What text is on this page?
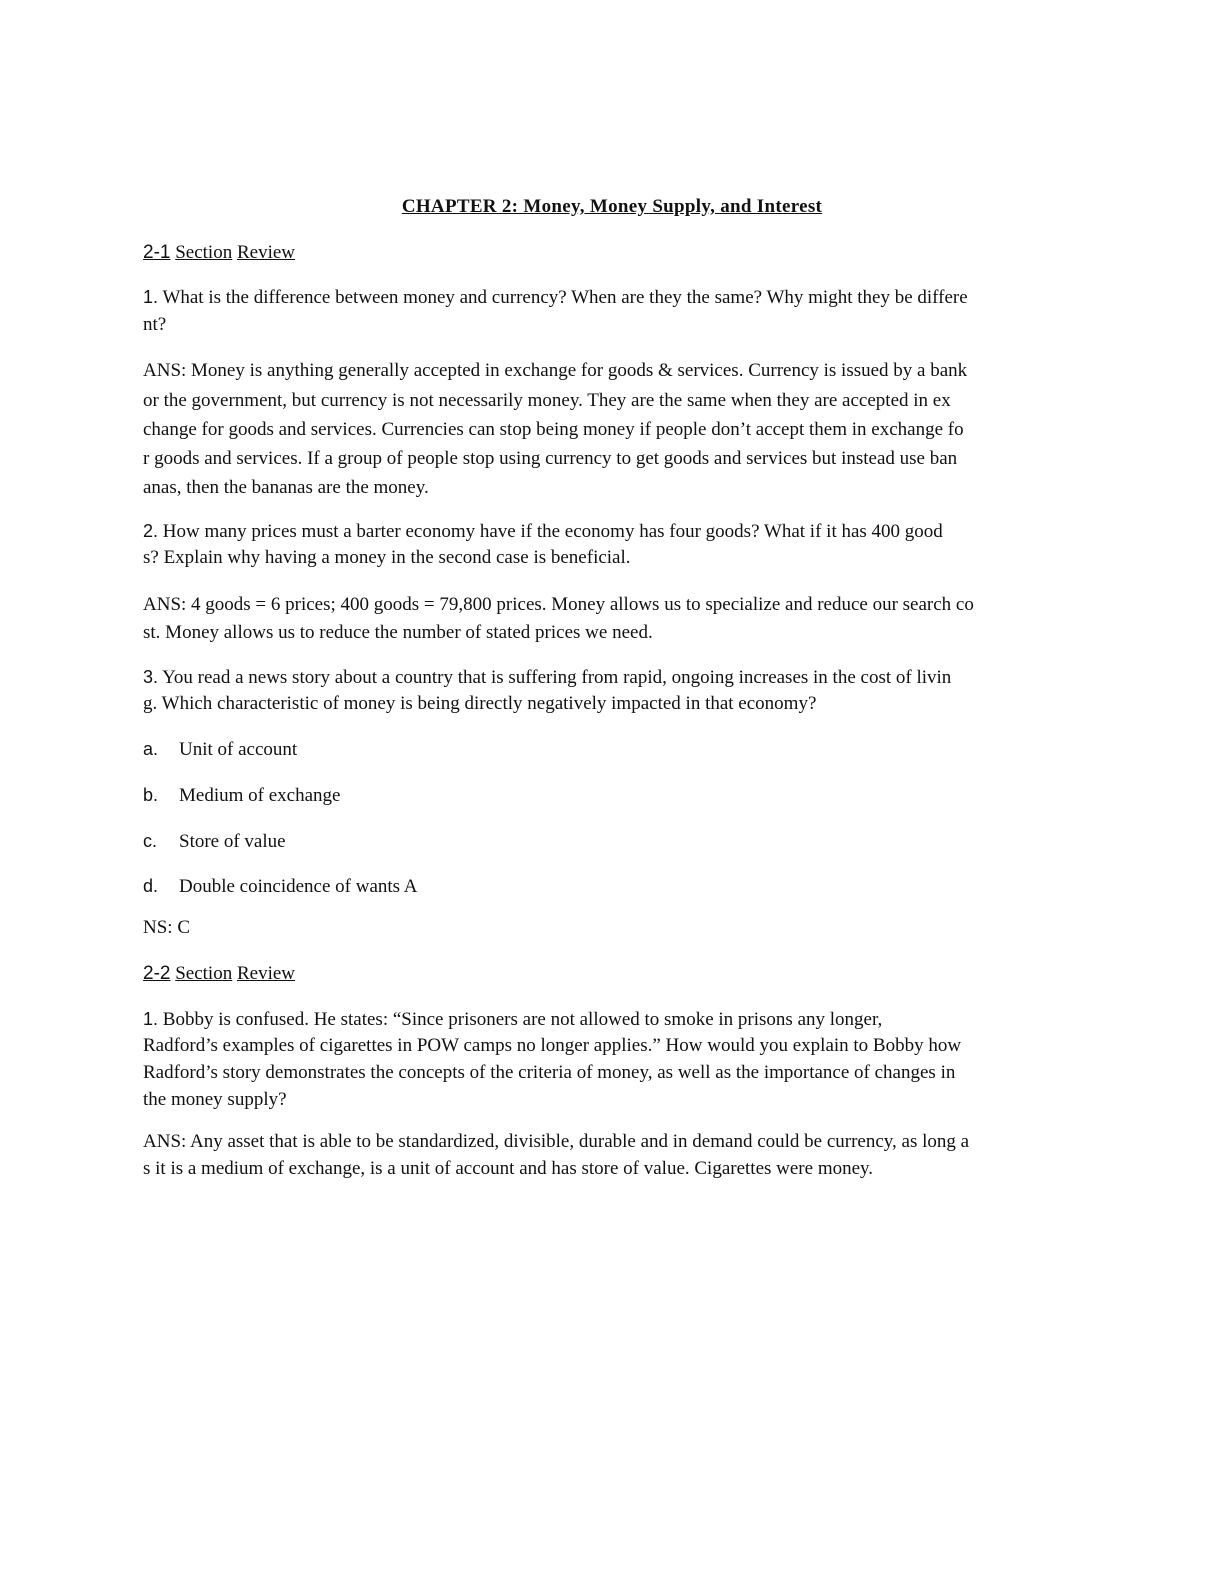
CHAPTER 2: Money, Money Supply, and Interest
2-1 Section Review
1. What is the difference between money and currency? When are they the same? Why might they be differe
nt?
ANS: Money is anything generally accepted in exchange for goods & services. Currency is issued by a bank
or the government, but currency is not necessarily money. They are the same when they are accepted in ex
change for goods and services. Currencies can stop being money if people don’t accept them in exchange fo
r goods and services. If a group of people stop using currency to get goods and services but instead use ban
anas, then the bananas are the money.
2. How many prices must a barter economy have if the economy has four goods? What if it has 400 good
s? Explain why having a money in the second case is beneficial.
ANS: 4 goods = 6 prices; 400 goods = 79,800 prices. Money allows us to specialize and reduce our search co
st. Money allows us to reduce the number of stated prices we need.
3. You read a news story about a country that is suffering from rapid, ongoing increases in the cost of livin
g. Which characteristic of money is being directly negatively impacted in that economy?
a. Unit of account
b. Medium of exchange
c. Store of value
d. Double coincidence of wants A
NS: C
2-2 Section Review
1. Bobby is confused. He states: “Since prisoners are not allowed to smoke in prisons any longer,
Radford’s examples of cigarettes in POW camps no longer applies.” How would you explain to Bobby how
Radford’s story demonstrates the concepts of the criteria of money, as well as the importance of changes in
the money supply?
ANS: Any asset that is able to be standardized, divisible, durable and in demand could be currency, as long a
s it is a medium of exchange, is a unit of account and has store of value. Cigarettes were money.
